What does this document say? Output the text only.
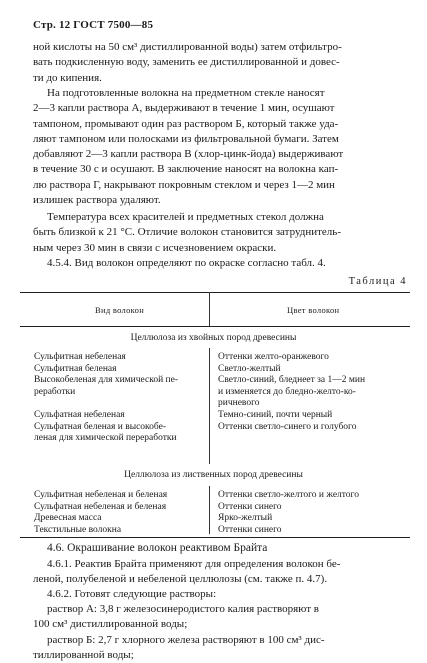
Стр. 12 ГОСТ 7500—85
ной кислоты на 50 см³ дистиллированной воды) затем отфильтро-
вать подкисленную воду, заменить ее дистиллированной и довес-
ти до кипения.
На подготовленные волокна на предметном стекле наносят
2—3 капли раствора А, выдерживают в течение 1 мин, осушают
тампоном, промывают один раз раствором Б, который также уда-
ляют тампоном или полосками из фильтровальной бумаги. Затем
добавляют 2—3 капли раствора В (хлор-цинк-йода) выдерживают
в течение 30 с и осушают. В заключение наносят на волокна кап-
лю раствора Г, накрывают покровным стеклом и через 1—2 мин
излишек раствора удаляют.
Температура всех красителей и предметных стекол должна
быть близкой к 21 °С. Отличие волокон становится затруднитель-
ным через 30 мин в связи с исчезновением окраски.
4.5.4. Вид волокон определяют по окраске согласно табл. 4.
Таблица 4
Вид волокон	Цвет волокон
Целлюлоза из хвойных пород древесины
Сульфитная небеленая
Сульфитная беленая
Высокобеленая для химической пе-
реработки
Сульфатная небеленая
Сульфатная беленая и высокобе-
леная для химической переработки
Оттенки желто-оранжевого
Светло-желтый
Светло-синий, бледнеет за 1—2 мин
и изменяется до бледно-желто-ко-
ричневого
Темно-синий, почти черный
Оттенки светло-синего и голубого
Целлюлоза из лиственных пород древесины
Сульфитная небеленая и беленая
Сульфатная небеленая и беленая
Древесная масса
Текстильные волокна
Оттенки светло-желтого и желтого
Оттенки синего
Ярко-желтый
Оттенки синего
4.6. Окрашивание волокон реактивом Брайта
4.6.1. Реактив Брайта применяют для определения волокон бе-
леной, полубеленой и небеленой целлюлозы (см. также п. 4.7).
4.6.2. Готовят следующие растворы:
раствор А: 3,8 г железосинеродистого калия растворяют в
100 см³ дистиллированной воды;
раствор Б: 2,7 г хлорного железа растворяют в 100 см³ дис-
тиллированной воды;
